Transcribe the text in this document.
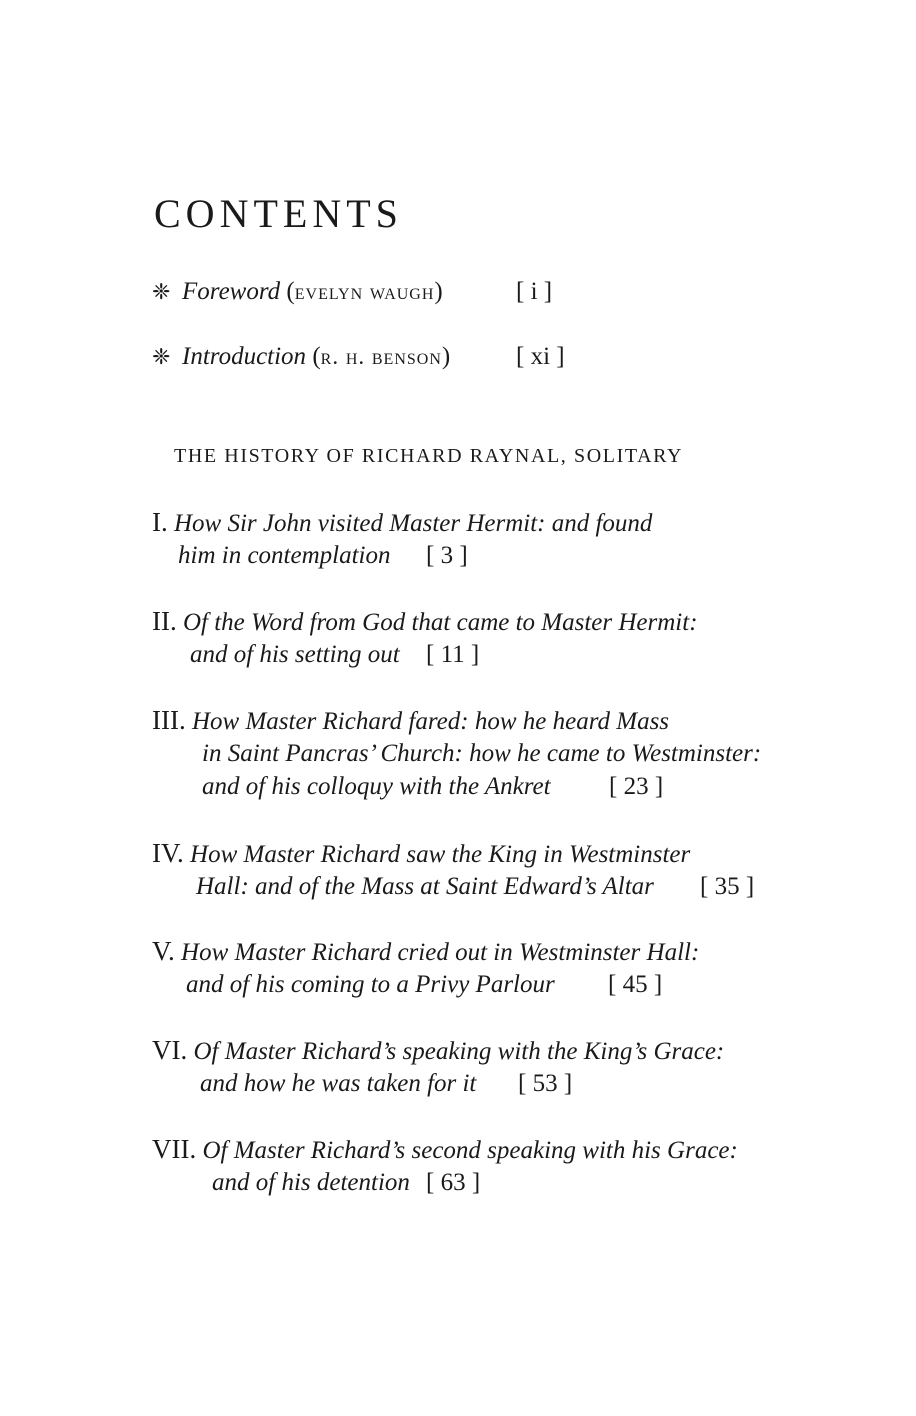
CONTENTS
❈ Foreword (evelyn waugh)	[ i ]
❈ Introduction (r. h. benson)	[ xi ]
THE HISTORY OF RICHARD RAYNAL, SOLITARY
I. How Sir John visited Master Hermit: and found
him in contemplation [ 3 ]
II. Of the Word from God that came to Master Hermit:
and of his setting out [ 11 ]
III. How Master Richard fared: how he heard Mass
in Saint Pancras’ Church: how he came to Westminster:
and of his colloquy with the Ankret [ 23 ]
IV. How Master Richard saw the King in Westminster
Hall: and of the Mass at Saint Edward’s Altar [ 35 ]
V. How Master Richard cried out in Westminster Hall:
and of his coming to a Privy Parlour [ 45 ]
VI. Of Master Richard’s speaking with the King’s Grace:
and how he was taken for it [ 53 ]
VII. Of Master Richard’s second speaking with his Grace:
and of his detention [ 63 ]
